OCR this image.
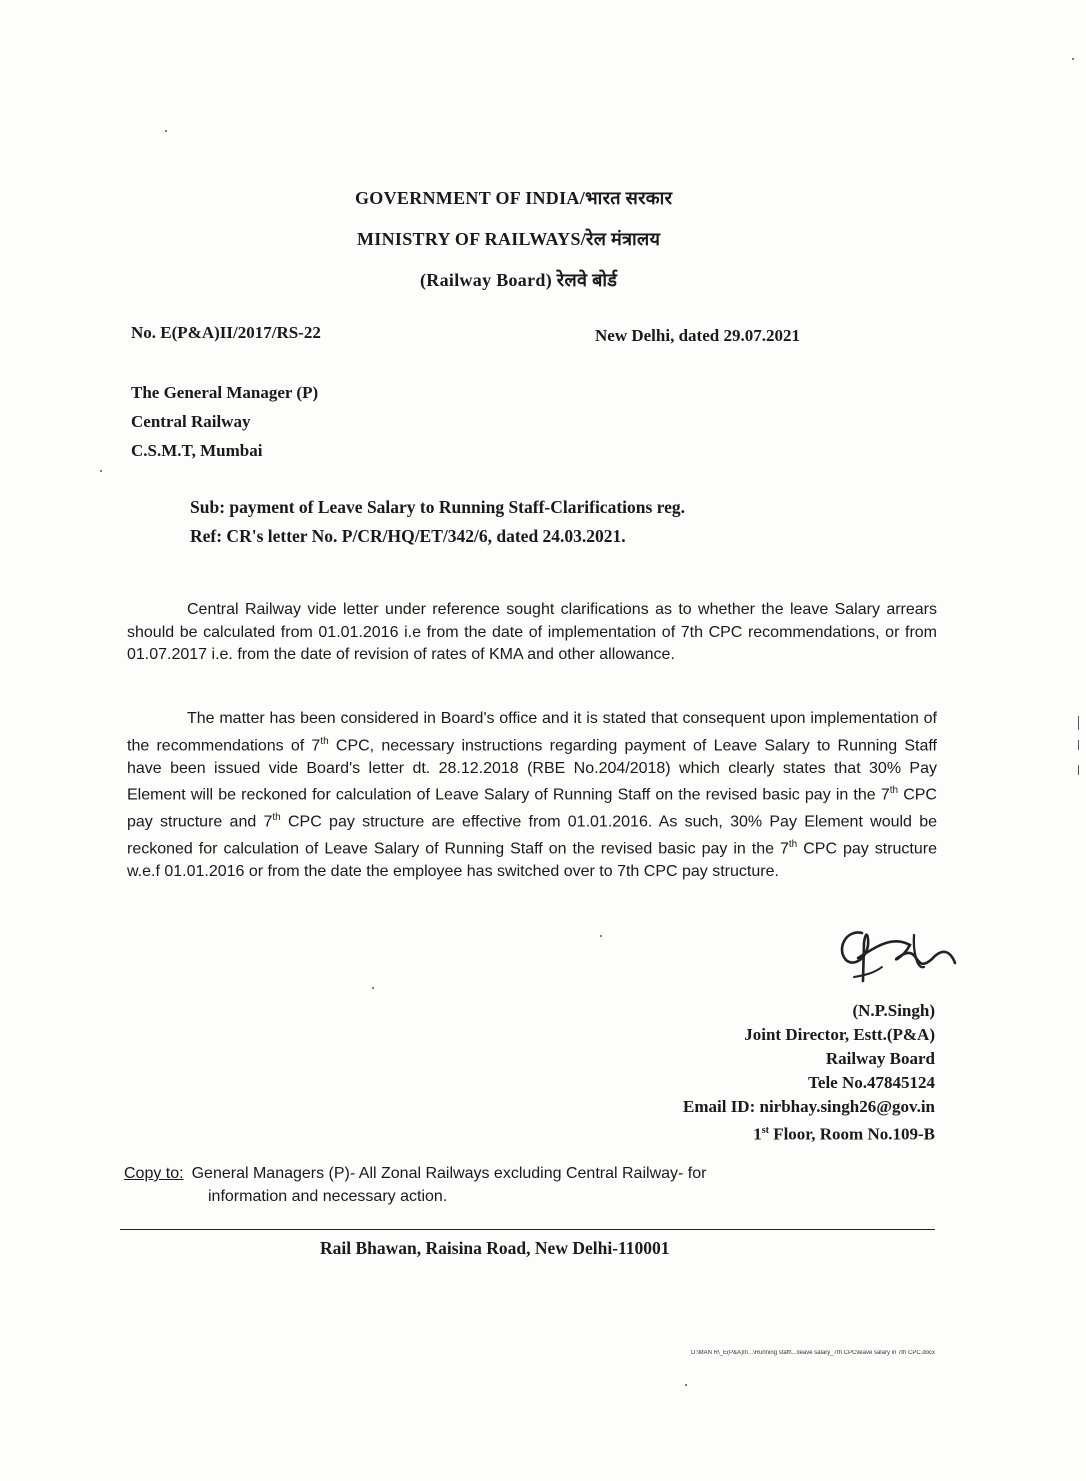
GOVERNMENT OF INDIA/भारत सरकार
MINISTRY OF RAILWAYS/रेल मंत्रालय
(Railway Board) रेलवे बोर्ड
No. E(P&A)II/2017/RS-22	New Delhi, dated 29.07.2021
The General Manager (P)
Central Railway
C.S.M.T, Mumbai
Sub: payment of Leave Salary to Running Staff-Clarifications reg.
Ref: CR's letter No. P/CR/HQ/ET/342/6, dated 24.03.2021.

Central Railway vide letter under reference sought clarifications as to whether the leave Salary arrears should be calculated from 01.01.2016 i.e from the date of implementation of 7th CPC recommendations, or from 01.07.2017 i.e. from the date of revision of rates of KMA and other allowance.

The matter has been considered in Board's office and it is stated that consequent upon implementation of the recommendations of 7th CPC, necessary instructions regarding payment of Leave Salary to Running Staff have been issued vide Board's letter dt. 28.12.2018 (RBE No.204/2018) which clearly states that 30% Pay Element will be reckoned for calculation of Leave Salary of Running Staff on the revised basic pay in the 7th CPC pay structure and 7th CPC pay structure are effective from 01.01.2016. As such, 30% Pay Element would be reckoned for calculation of Leave Salary of Running Staff on the revised basic pay in the 7th CPC pay structure w.e.f 01.01.2016 or from the date the employee has switched over to 7th CPC pay structure.

(N.P.Singh)
Joint Director, Estt.(P&A)
Railway Board
Tele No.47845124
Email ID: nirbhay.singh26@gov.in
1st Floor, Room No.109-B
Copy to: General Managers (P)- All Zonal Railways excluding Central Railway- for
information and necessary action.
Rail Bhawan, Raisina Road, New Delhi-110001
D:\MAN R\_E(P&A)II\...\Running staff\...\leave salary_7th CPC\leave salary in 7th CPC.docx
